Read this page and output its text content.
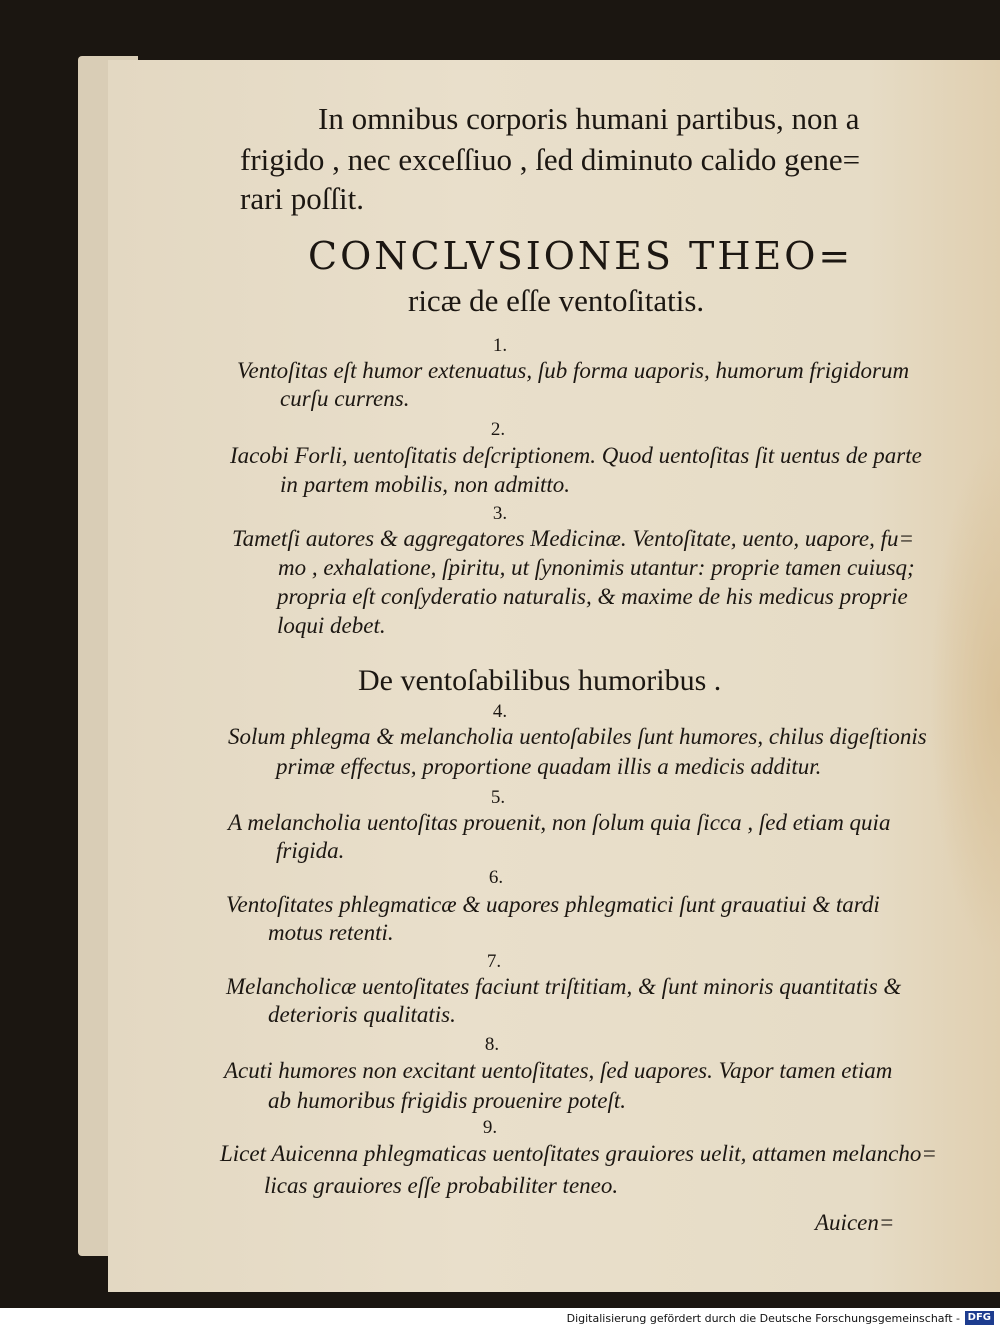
In omnibus corporis humani partibus, non a
frigido , nec exceſſiuo , ſed diminuto calido gene=
rari poſſit.
CONCLVSIONES THEO=
ricæ de eſſe ventoſitatis.
1.
Ventoſitas eſt humor extenuatus, ſub forma uaporis, humorum frigidorum
curſu currens.
2.
Iacobi Forli, uentoſitatis deſcriptionem. Quod uentoſitas ſit uentus de parte
in partem mobilis, non admitto.
3.
Tametſi autores & aggregatores Medicinæ. Ventoſitate, uento, uapore, fu=
mo , exhalatione, ſpiritu, ut ſynonimis utantur: proprie tamen cuiusq;
propria eſt conſyderatio naturalis, & maxime de his medicus proprie
loqui debet.
De ventoſabilibus humoribus .
4.
Solum phlegma & melancholia uentoſabiles ſunt humores, chilus digeſtionis
primæ effectus, proportione quadam illis a medicis additur.
5.
A melancholia uentoſitas prouenit, non ſolum quia ſicca , ſed etiam quia
frigida.
6.
Ventoſitates phlegmaticæ & uapores phlegmatici ſunt grauatiui & tardi
motus retenti.
7.
Melancholicæ uentoſitates faciunt triſtitiam, & ſunt minoris quantitatis &
deterioris qualitatis.
8.
Acuti humores non excitant uentoſitates, ſed uapores. Vapor tamen etiam
ab humoribus frigidis prouenire poteſt.
9.
Licet Auicenna phlegmaticas uentoſitates grauiores uelit, attamen melancho=
licas grauiores eſſe probabiliter teneo.
Auicen=
Digitalisierung gefördert durch die Deutsche Forschungsgemeinschaft - DFG
